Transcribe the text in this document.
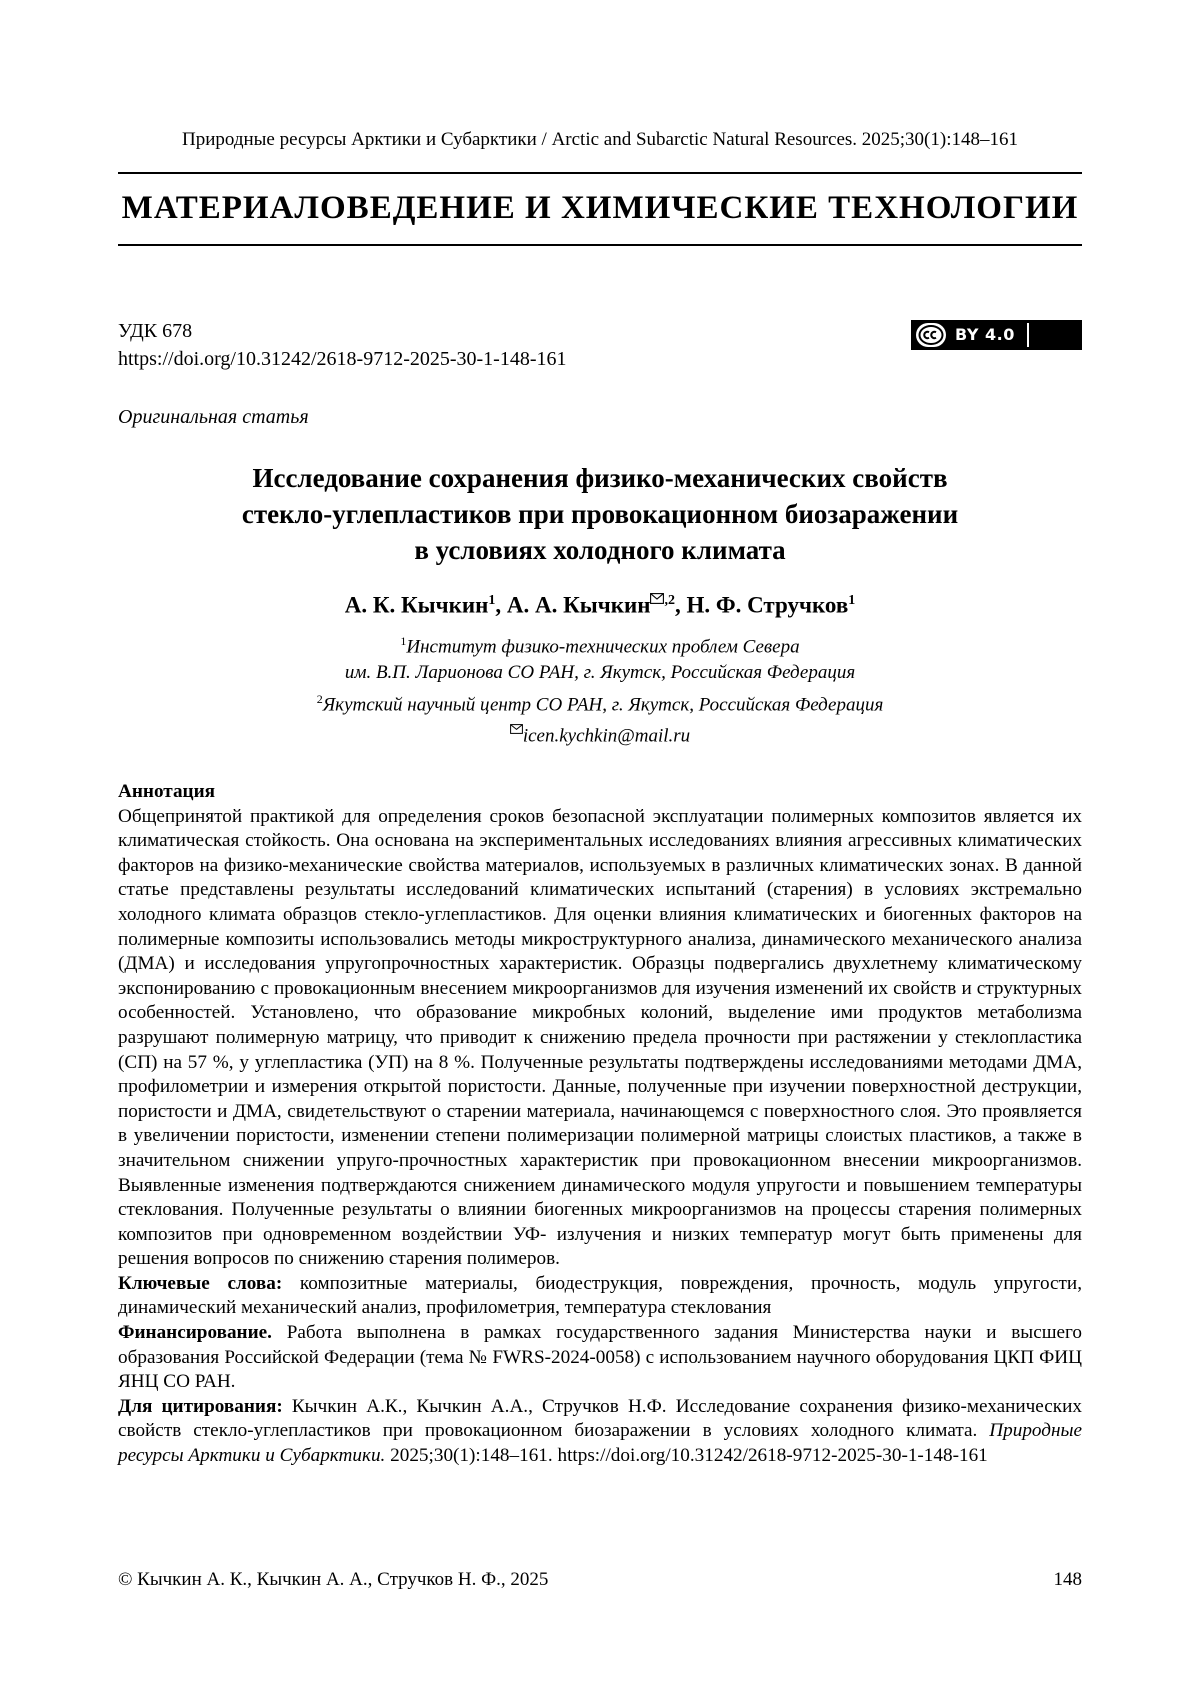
Природные ресурсы Арктики и Субарктики / Arctic and Subarctic Natural Resources. 2025;30(1):148–161
МАТЕРИАЛОВЕДЕНИЕ И ХИМИЧЕСКИЕ ТЕХНОЛОГИИ
УДК 678
https://doi.org/10.31242/2618-9712-2025-30-1-148-161
BY 4.0
Оригинальная статья
Исследование сохранения физико-механических свойств
стекло-углепластиков при провокационном биозаражении
в условиях холодного климата
А. К. Кычкин$^1$, А. А. Кычкин $^{,2}$, Н. Ф. Стручков$^1$
$^1$Институт физико-технических проблем Севера
им. В.П. Ларионова СО РАН, г. Якутск, Российская Федерация
$^2$Якутский научный центр СО РАН, г. Якутск, Российская Федерация
icen.kychkin@mail.ru
Аннотация
Общепринятой практикой для определения сроков безопасной эксплуатации полимерных композитов является их климатическая стойкость. Она основана на экспериментальных исследованиях влияния агрессивных климатических факторов на физико-механические свойства материалов, используемых в различных климатических зонах. В данной статье представлены результаты исследований климатических испытаний (старения) в условиях экстремально холодного климата образцов стекло-углепластиков. Для оценки влияния климатических и биогенных факторов на полимерные композиты использовались методы микроструктурного анализа, динамического механического анализа (ДМА) и исследования упругопрочностных характеристик. Образцы подвергались двухлетнему климатическому экспонированию с провокационным внесением микроорганизмов для изучения изменений их свойств и структурных особенностей. Установлено, что образование микробных колоний, выделение ими продуктов метаболизма разрушают полимерную матрицу, что приводит к снижению предела прочности при растяжении у стеклопластика (СП) на 57 %, у углепластика (УП) на 8 %. Полученные результаты подтверждены исследованиями методами ДМА, профилометрии и измерения открытой пористости. Данные, полученные при изучении поверхностной деструкции, пористости и ДМА, свидетельствуют о старении материала, начинающемся с поверхностного слоя. Это проявляется в увеличении пористости, изменении степени полимеризации полимерной матрицы слоистых пластиков, а также в значительном снижении упруго-прочностных характеристик при провокационном внесении микроорганизмов. Выявленные изменения подтверждаются снижением динамического модуля упругости и повышением температуры стеклования. Полученные результаты о влиянии биогенных микроорганизмов на процессы старения полимерных композитов при одновременном воздействии УФ- излучения и низких температур могут быть применены для решения вопросов по снижению старения полимеров.
Ключевые слова: композитные материалы, биодеструкция, повреждения, прочность, модуль упругости, динамический механический анализ, профилометрия, температура стеклования
Финансирование. Работа выполнена в рамках государственного задания Министерства науки и высшего образования Российской Федерации (тема № FWRS-2024-0058) с использованием научного оборудования ЦКП ФИЦ ЯНЦ СО РАН.
Для цитирования: Кычкин А.К., Кычкин А.А., Стручков Н.Ф. Исследование сохранения физико-механических свойств стекло-углепластиков при провокационном биозаражении в условиях холодного климата. Природные ресурсы Арктики и Субарктики. 2025;30(1):148–161. https://doi.org/10.31242/2618-9712-2025-30-1-148-161
© Кычкин А. К., Кычкин А. А., Стручков Н. Ф., 2025	148
